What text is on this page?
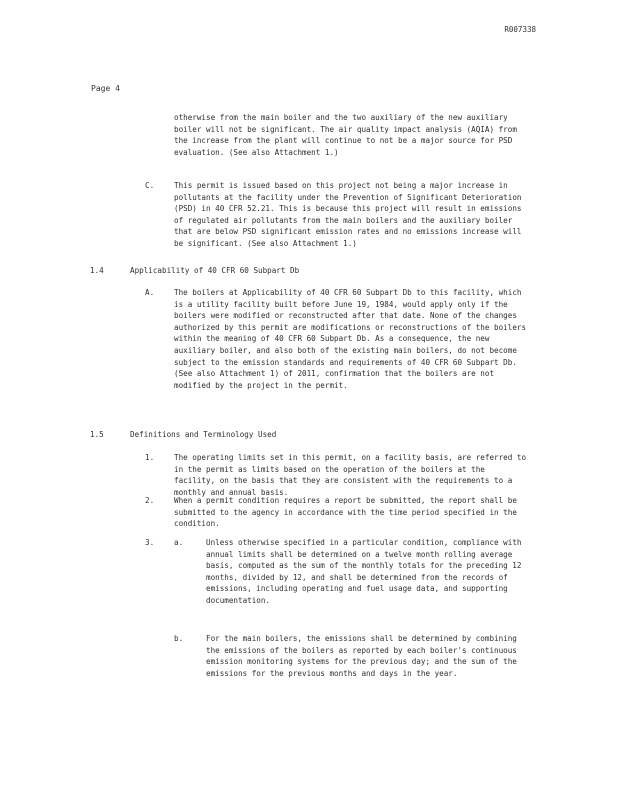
R007338
Page 4
otherwise from the main boiler and the two auxiliary of the new auxiliary boiler will not be significant. The air quality impact analysis (AQIA) from the increase from the plant will continue to not be a major source for PSD evaluation. (See also Attachment 1.)
C.	This permit is issued based on this project not being a major increase in pollutants at the facility under the Prevention of Significant Deterioration (PSD) in 40 CFR 52.21. This is because this project will result in emissions of regulated air pollutants from the main boilers and the auxiliary boiler that are below PSD significant emission rates and no emissions increase will be significant. (See also Attachment 1.)
1.4	Applicability of 40 CFR 60 Subpart Db
A.	The boilers at Applicability of 40 CFR 60 Subpart Db to this facility, which is a utility facility built before June 19, 1984, would apply only if the boilers were modified or reconstructed after that date. None of the changes authorized by this permit are modifications or reconstructions of the boilers within the meaning of 40 CFR 60 Subpart Db. As a consequence, the new auxiliary boiler, and also both of the existing main boilers, do not become subject to the emission standards and requirements of 40 CFR 60 Subpart Db. (See also Attachment 1) of 2011, confirmation that the boilers are not modified by the project in the permit.
1.5	Definitions and Terminology Used
1.	The operating limits set in this permit, on a facility basis, are referred to in the permit as limits based on the operation of the boilers at the facility, on the basis that they are consistent with the requirements to a monthly and annual basis.
2.	When a permit condition requires a report be submitted, the report shall be submitted to the agency in accordance with the time period specified in the condition.
3.	a.	Unless otherwise specified in a particular condition, compliance with annual limits shall be determined on a twelve month rolling average basis, computed as the sum of the monthly totals for the preceding 12 months, divided by 12, and shall be determined from the records of emissions, including operating and fuel usage data, and supporting documentation.
b.	For the main boilers, the emissions shall be determined by combining the emissions of the boilers as reported by each boiler's continuous emission monitoring systems for the previous day; and the sum of the emissions for the previous months and days in the year.
